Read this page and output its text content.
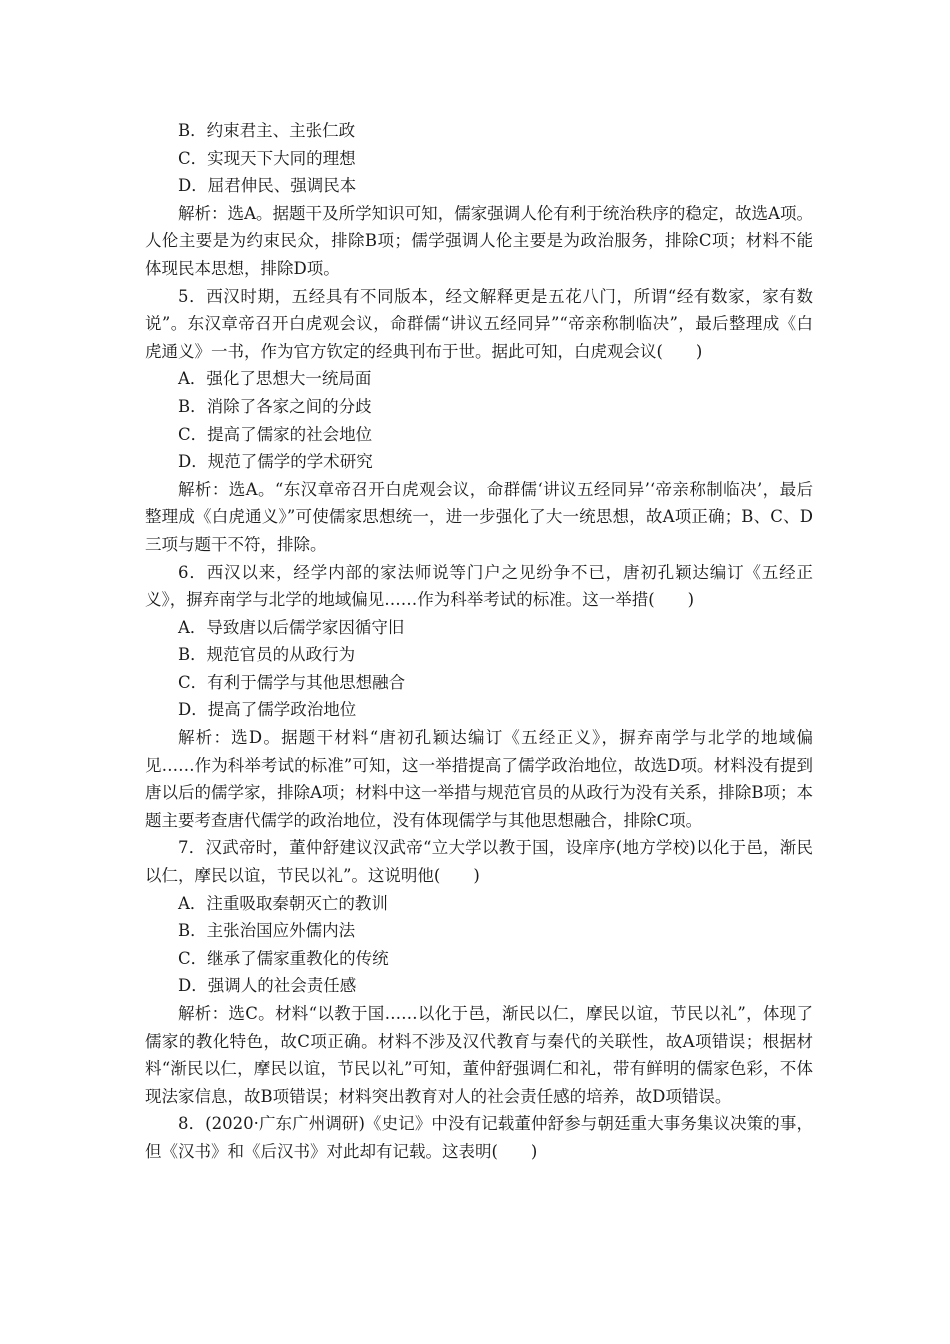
B．约束君主、主张仁政

C．实现天下大同的理想

D．屈君伸民、强调民本

解析：选A。据题干及所学知识可知，儒家强调人伦有利于统治秩序的稳定，故选A项。人伦主要是为约束民众，排除B项；儒学强调人伦主要是为政治服务，排除C项；材料不能体现民本思想，排除D项。

5．西汉时期，五经具有不同版本，经文解释更是五花八门，所谓“经有数家，家有数说”。东汉章帝召开白虎观会议，命群儒“讲议五经同异”“帝亲称制临决”，最后整理成《白虎通义》一书，作为官方钦定的经典刊布于世。据此可知，白虎观会议(　　)

A．强化了思想大一统局面

B．消除了各家之间的分歧

C．提高了儒家的社会地位

D．规范了儒学的学术研究

解析：选A。“东汉章帝召开白虎观会议，命群儒‘讲议五经同异’‘帝亲称制临决’，最后整理成《白虎通义》”可使儒家思想统一，进一步强化了大一统思想，故A项正确；B、C、D三项与题干不符，排除。

6．西汉以来，经学内部的家法师说等门户之见纷争不已，唐初孔颖达编订《五经正义》，摒弃南学与北学的地域偏见……作为科举考试的标准。这一举措(　　)

A．导致唐以后儒学家因循守旧

B．规范官员的从政行为

C．有利于儒学与其他思想融合

D．提高了儒学政治地位

解析：选D。据题干材料“唐初孔颖达编订《五经正义》，摒弃南学与北学的地域偏见……作为科举考试的标准”可知，这一举措提高了儒学政治地位，故选D项。材料没有提到唐以后的儒学家，排除A项；材料中这一举措与规范官员的从政行为没有关系，排除B项；本题主要考查唐代儒学的政治地位，没有体现儒学与其他思想融合，排除C项。

7．汉武帝时，董仲舒建议汉武帝“立大学以教于国，设庠序(地方学校)以化于邑，渐民以仁，摩民以谊，节民以礼”。这说明他(　　)

A．注重吸取秦朝灭亡的教训

B．主张治国应外儒内法

C．继承了儒家重教化的传统

D．强调人的社会责任感

解析：选C。材料“以教于国……以化于邑，渐民以仁，摩民以谊，节民以礼”，体现了儒家的教化特色，故C项正确。材料不涉及汉代教育与秦代的关联性，故A项错误；根据材料“渐民以仁，摩民以谊，节民以礼”可知，董仲舒强调仁和礼，带有鲜明的儒家色彩，不体现法家信息，故B项错误；材料突出教育对人的社会责任感的培养，故D项错误。

8．(2020·广东广州调研)《史记》中没有记载董仲舒参与朝廷重大事务集议决策的事，但《汉书》和《后汉书》对此却有记载。这表明(　　)
